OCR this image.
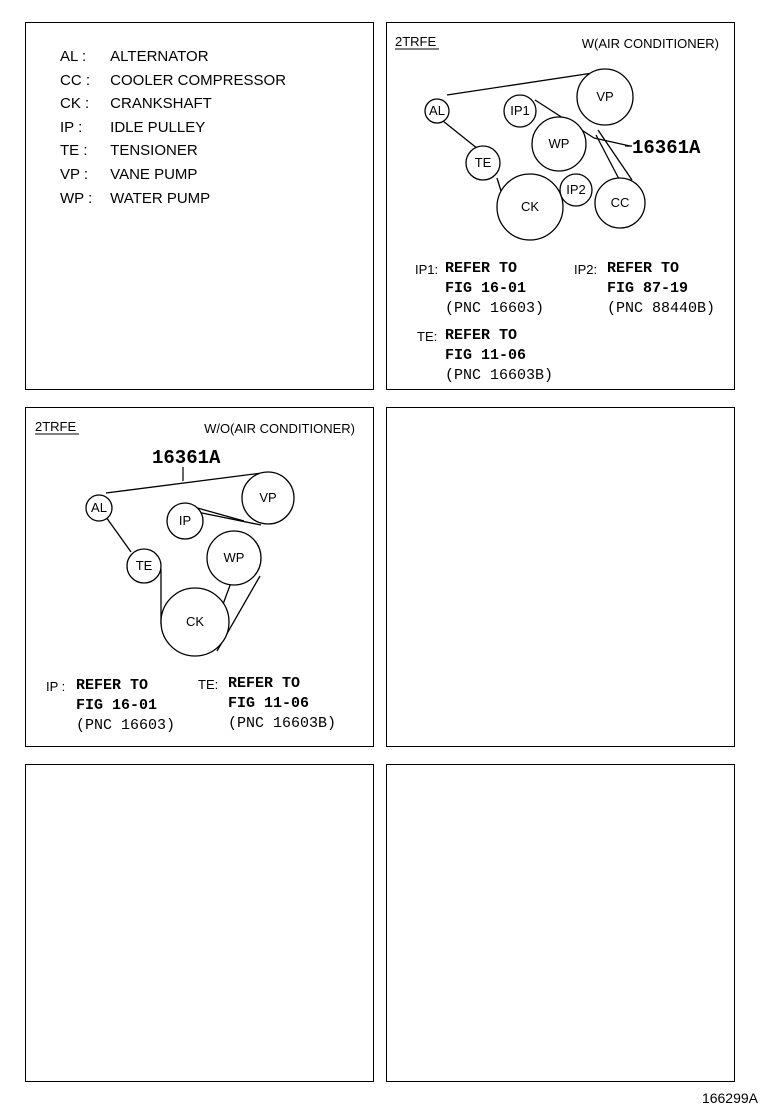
AL : ALTERNATOR
CC : COOLER COMPRESSOR
CK : CRANKSHAFT
IP : IDLE PULLEY
TE : TENSIONER
VP : VANE PUMP
WP : WATER PUMP
2TRFE	W(AIR CONDITIONER)
AL
VP
IP1
WP
TE
CK
IP2
CC
16361A
IP1: REFER TO
FIG 16-01
(PNC 16603)
IP2: REFER TO
FIG 87-19
(PNC 88440B)
TE: REFER TO
FIG 11-06
(PNC 16603B)
2TRFE	W/O(AIR CONDITIONER)
16361A
AL
VP
IP
WP
TE
CK
IP : REFER TO
FIG 16-01
(PNC 16603)
TE: REFER TO
FIG 11-06
(PNC 16603B)
166299A
